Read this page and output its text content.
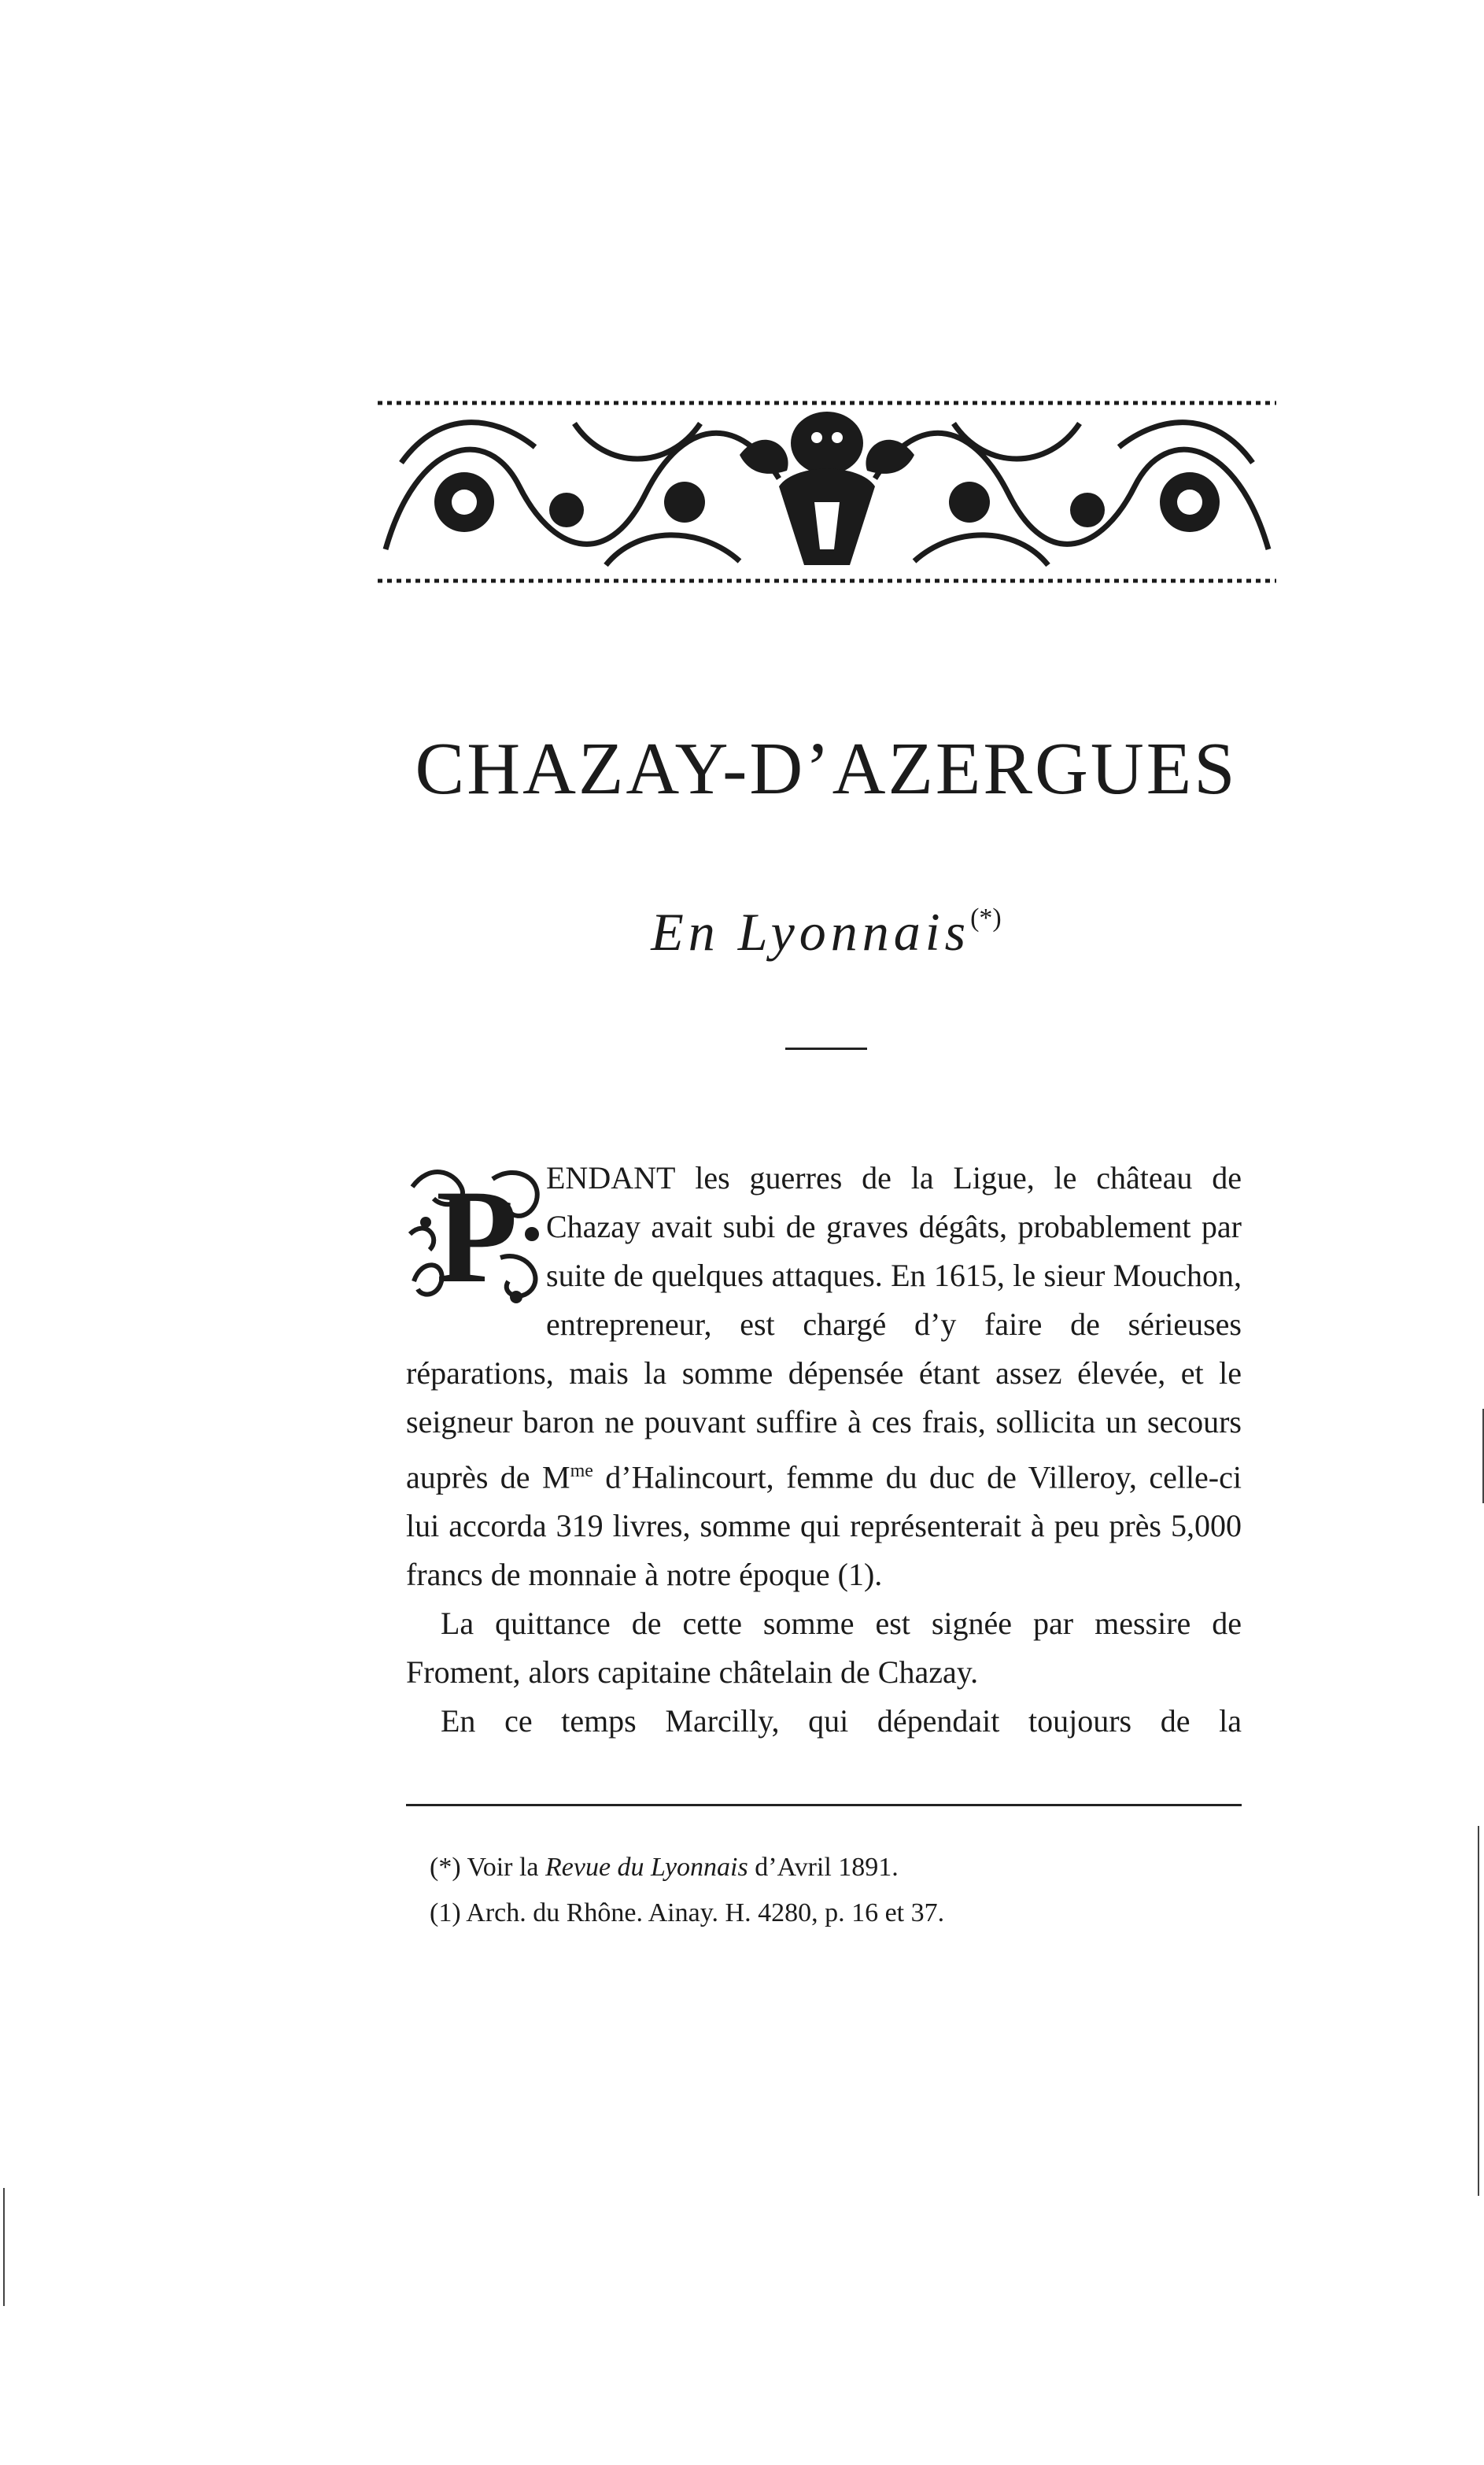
CHAZAY-D’AZERGUES
En Lyonnais(*)

ENDANT les guerres de la Ligue, le château de Chazay avait subi de graves dégâts, probablement par suite de quelques attaques. En 1615, le sieur Mouchon, entrepreneur, est chargé d’y faire de sérieuses réparations, mais la somme dépensée étant assez élevée, et le seigneur baron ne pouvant suffire à ces frais, sollicita un secours auprès de $M^{me}$ d’Halincourt, femme du duc de Villeroy, celle-ci lui accorda 319 livres, somme qui représenterait à peu près 5,000 francs de monnaie à notre époque (1).

La quittance de cette somme est signée par messire de Froment, alors capitaine châtelain de Chazay.

En ce temps Marcilly, qui dépendait toujours de la

P
(*) Voir la Revue du Lyonnais d’Avril 1891.
(1) Arch. du Rhône. Ainay. H. 4280, p. 16 et 37.
